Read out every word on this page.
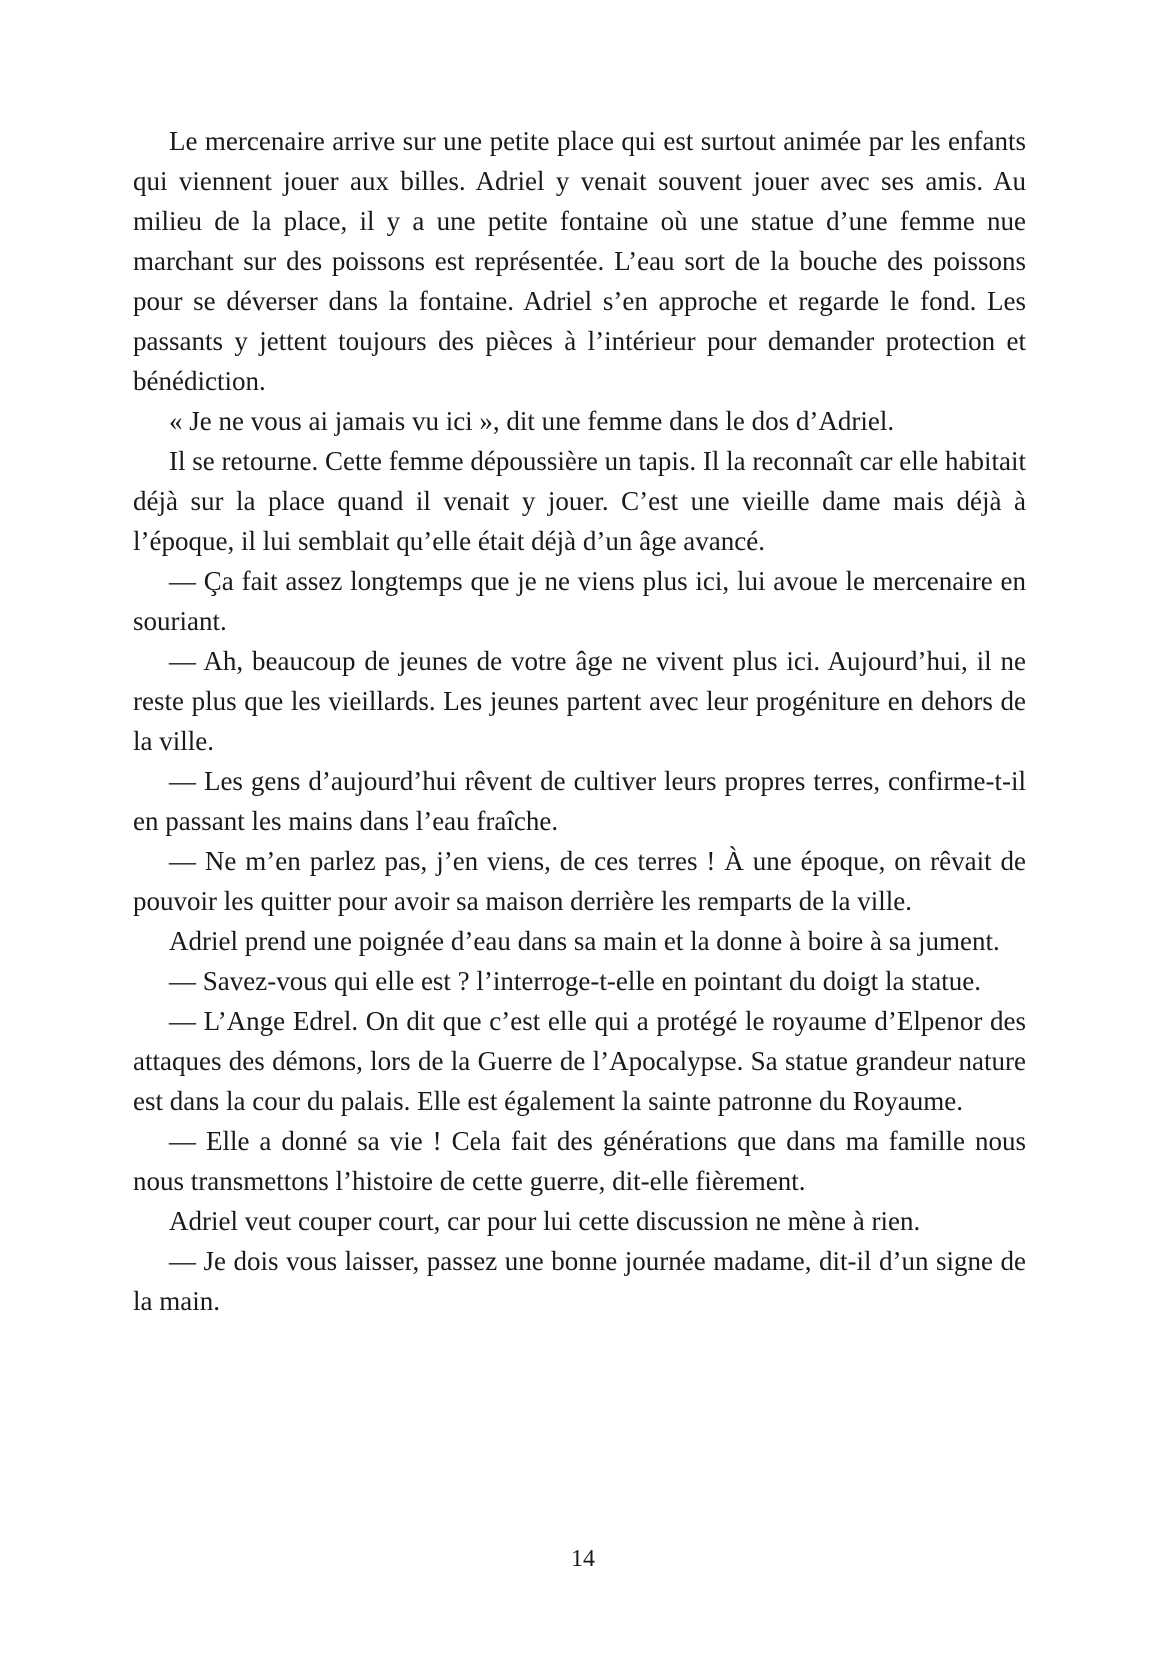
Le mercenaire arrive sur une petite place qui est surtout animée par les enfants qui viennent jouer aux billes. Adriel y venait souvent jouer avec ses amis. Au milieu de la place, il y a une petite fontaine où une statue d’une femme nue marchant sur des poissons est représentée. L’eau sort de la bouche des poissons pour se déverser dans la fontaine. Adriel s’en approche et regarde le fond. Les passants y jettent toujours des pièces à l’intérieur pour demander protection et bénédiction.

« Je ne vous ai jamais vu ici », dit une femme dans le dos d’Adriel.

Il se retourne. Cette femme dépoussière un tapis. Il la reconnaît car elle habitait déjà sur la place quand il venait y jouer. C’est une vieille dame mais déjà à l’époque, il lui semblait qu’elle était déjà d’un âge avancé.

— Ça fait assez longtemps que je ne viens plus ici, lui avoue le mercenaire en souriant.

— Ah, beaucoup de jeunes de votre âge ne vivent plus ici. Aujourd’hui, il ne reste plus que les vieillards. Les jeunes partent avec leur progéniture en dehors de la ville.

— Les gens d’aujourd’hui rêvent de cultiver leurs propres terres, confirme-t-il en passant les mains dans l’eau fraîche.

— Ne m’en parlez pas, j’en viens, de ces terres ! À une époque, on rêvait de pouvoir les quitter pour avoir sa maison derrière les remparts de la ville.

Adriel prend une poignée d’eau dans sa main et la donne à boire à sa jument.

— Savez-vous qui elle est ? l’interroge-t-elle en pointant du doigt la statue.

— L’Ange Edrel. On dit que c’est elle qui a protégé le royaume d’Elpenor des attaques des démons, lors de la Guerre de l’Apocalypse. Sa statue grandeur nature est dans la cour du palais. Elle est également la sainte patronne du Royaume.

— Elle a donné sa vie ! Cela fait des générations que dans ma famille nous nous transmettons l’histoire de cette guerre, dit-elle fièrement.

Adriel veut couper court, car pour lui cette discussion ne mène à rien.

— Je dois vous laisser, passez une bonne journée madame, dit-il d’un signe de la main.

14
